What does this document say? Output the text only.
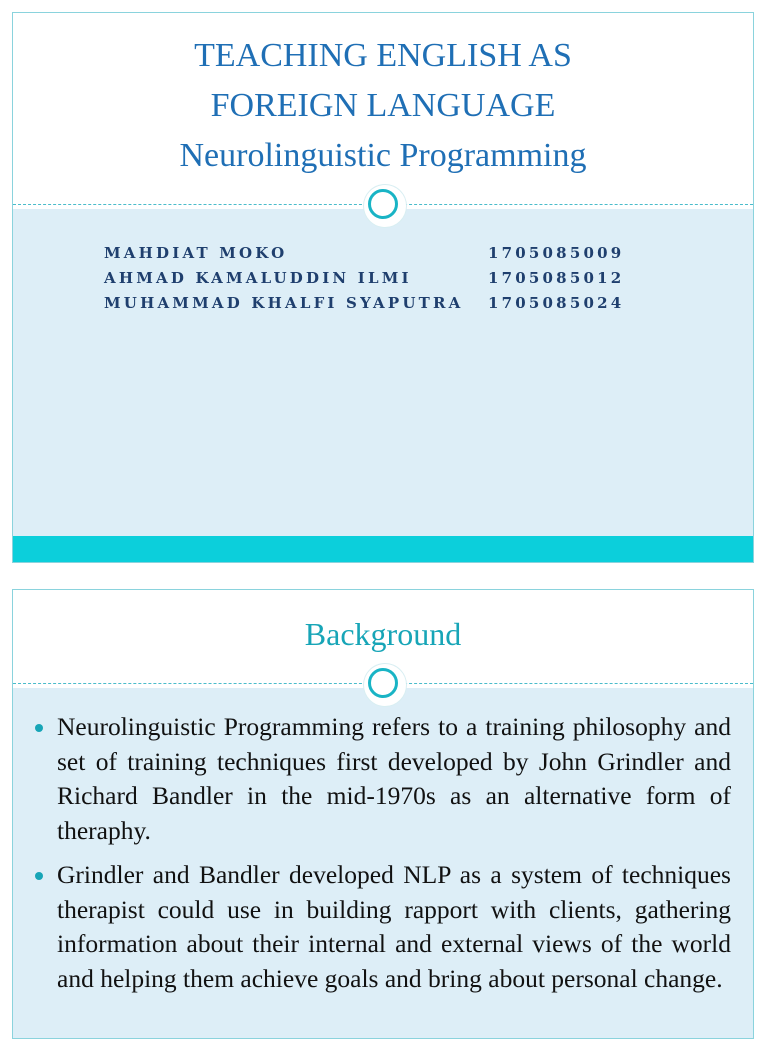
TEACHING ENGLISH AS
FOREIGN LANGUAGE
Neurolinguistic Programming
MAHDIAT MOKO	1705085009
AHMAD KAMALUDDIN ILMI	1705085012
MUHAMMAD KHALFI SYAPUTRA	1705085024
Background
Neurolinguistic Programming refers to a training philosophy and set of training techniques first developed by John Grindler and Richard Bandler in the mid-1970s as an alternative form of theraphy.
Grindler and Bandler developed NLP as a system of techniques therapist could use in building rapport with clients, gathering information about their internal and external views of the world and helping them achieve goals and bring about personal change.
